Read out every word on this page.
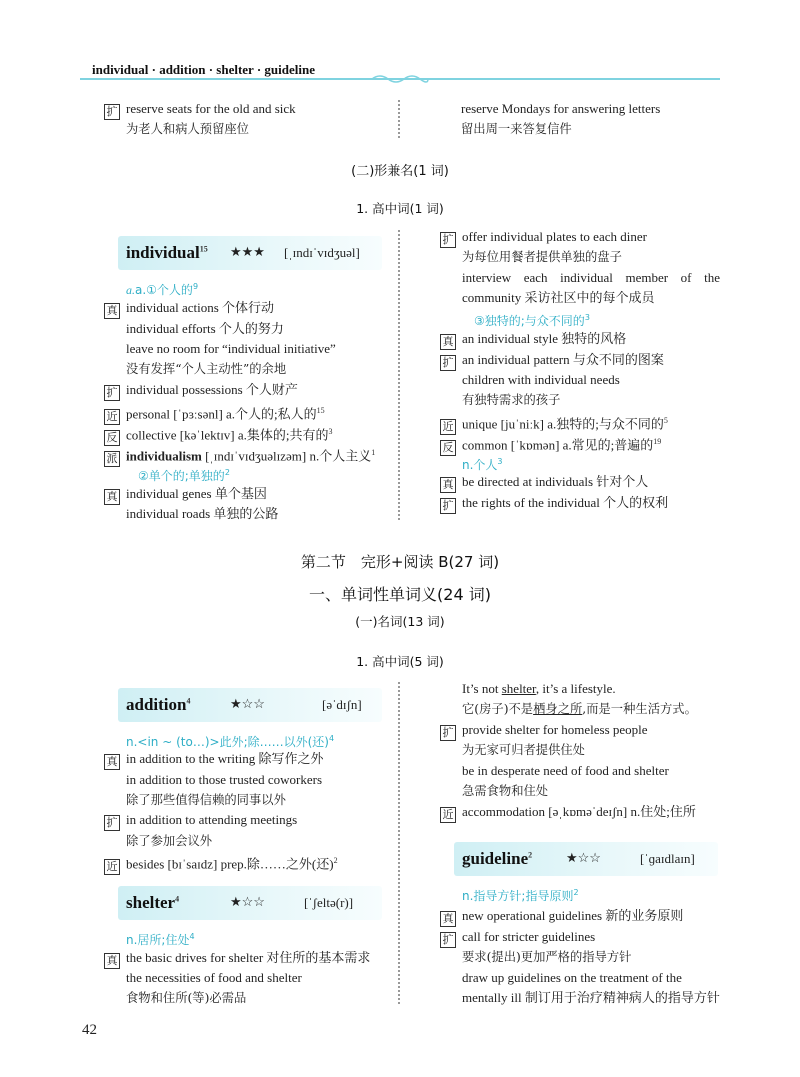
individual · addition · shelter · guideline
扩 reserve seats for the old and sick
为老人和病人预留座位
reserve Mondays for answering letters
留出周一来答复信件
(二)形兼名(1 词)
1. 高中词(1 词)
individual$^{15}$ ★★★ [ˌɪndɪˈvɪdʒuəl]
a.a.①个人的$^9$
真 individual actions 个体行动
individual efforts 个人的努力
leave no room for “individual initiative”
没有发挥“个人主动性”的余地
扩 individual possessions 个人财产
近 personal [ˈpɜːsənl] a.个人的;私人的$^{15}$
反 collective [kəˈlektɪv] a.集体的;共有的$^3$
派 individualism [ˌɪndɪˈvɪdʒuəlɪzəm] n.个人主义$^1$
②单个的;单独的$^2$
真 individual genes 单个基因
individual roads 单独的公路
扩 offer individual plates to each diner
为每位用餐者提供单独的盘子
interview each individual member of the
community 采访社区中的每个成员
③独特的;与众不同的$^3$
真 an individual style 独特的风格
扩 an individual pattern 与众不同的图案
children with individual needs
有独特需求的孩子
近 unique [juˈniːk] a.独特的;与众不同的$^5$
反 common [ˈkɒmən] a.常见的;普遍的$^{19}$
n.个人$^3$
真 be directed at individuals 针对个人
扩 the rights of the individual 个人的权利
第二节　完形+阅读 B(27 词)
一、单词性单词义(24 词)
(一)名词(13 词)
1. 高中词(5 词)
addition$^4$	★☆☆	[əˈdɪʃn]
n.<in ~ (to…)>此外;除……以外(还)$^4$
真 in addition to the writing 除写作之外
in addition to those trusted coworkers
除了那些值得信赖的同事以外
扩 in addition to attending meetings
除了参加会议外
近 besides [bɪˈsaɪdz] prep.除……之外(还)$^2$
shelter$^4$	★☆☆	[ˈʃeltə(r)]
n.居所;住处$^4$
真 the basic drives for shelter 对住所的基本需求
the necessities of food and shelter
食物和住所(等)必需品
It’s not shelter, it’s a lifestyle.
它(房子)不是栖身之所,而是一种生活方式。
扩 provide shelter for homeless people
为无家可归者提供住处
be in desperate need of food and shelter
急需食物和住处
近 accommodation [əˌkɒməˈdeɪʃn] n.住处;住所
guideline$^2$	★☆☆	[ˈɡaɪdlaɪn]
n.指导方针;指导原则$^2$
真 new operational guidelines 新的业务原则
扩 call for stricter guidelines
要求(提出)更加严格的指导方针
draw up guidelines on the treatment of the
mentally ill 制订用于治疗精神病人的指导方针
42
